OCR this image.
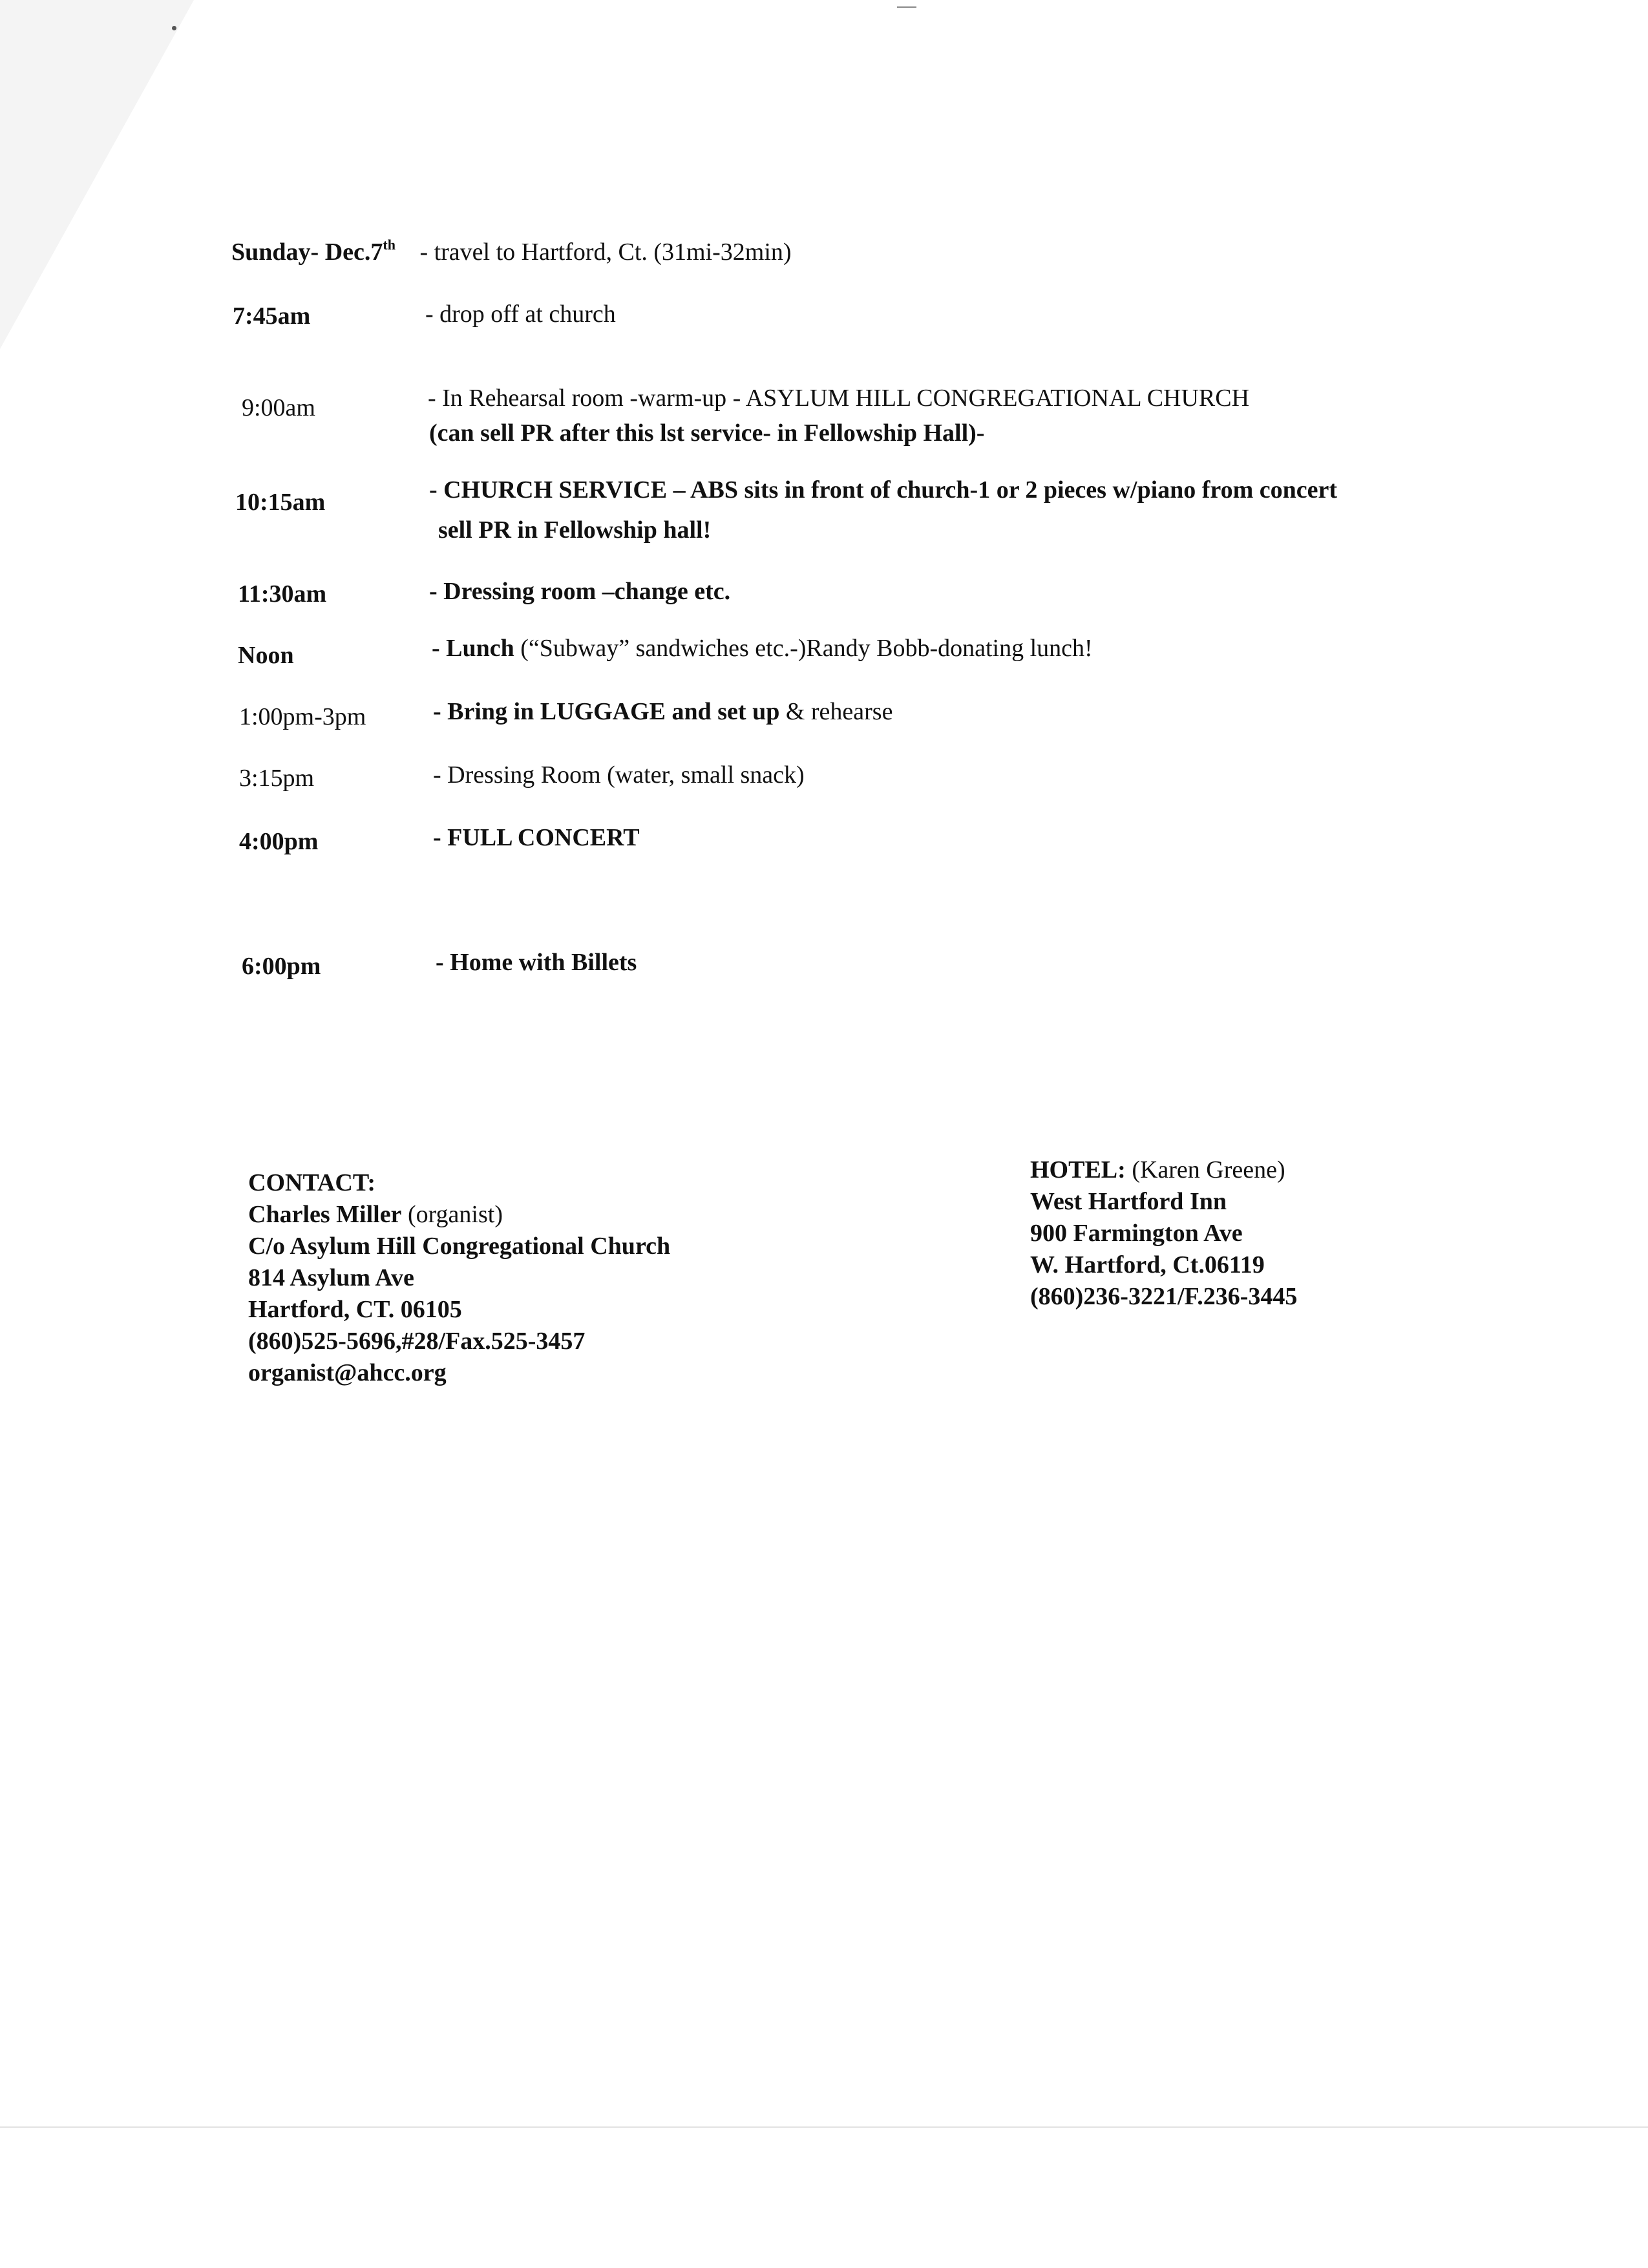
Sunday- Dec.7th - travel to Hartford, Ct. (31mi-32min)
7:45am	- drop off at church
9:00am	- In Rehearsal room -warm-up - ASYLUM HILL CONGREGATIONAL CHURCH
(can sell PR after this lst service- in Fellowship Hall)-
10:15am	- CHURCH SERVICE – ABS sits in front of church-1 or 2 pieces w/piano from concert
sell PR in Fellowship hall!
11:30am	- Dressing room –change etc.
Noon	- Lunch (“Subway” sandwiches etc.-)Randy Bobb-donating lunch!
1:00pm-3pm	- Bring in LUGGAGE and set up & rehearse
3:15pm	- Dressing Room (water, small snack)
4:00pm	- FULL CONCERT
6:00pm	- Home with Billets
CONTACT:
Charles Miller (organist)
C/o Asylum Hill Congregational Church
814 Asylum Ave
Hartford, CT. 06105
(860)525-5696,#28/Fax.525-3457
organist@ahcc.org
HOTEL: (Karen Greene)
West Hartford Inn
900 Farmington Ave
W. Hartford, Ct.06119
(860)236-3221/F.236-3445
